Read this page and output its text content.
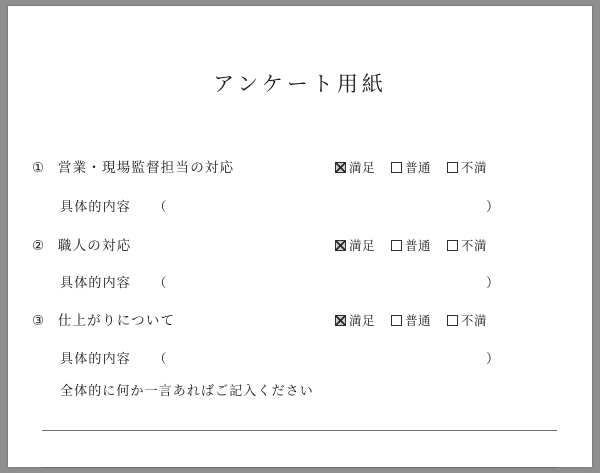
アンケート用紙
① 営業・現場監督担当の対応	満足 普通 不満
具体的内容 （	）
② 職人の対応	満足 普通 不満
具体的内容 （	）
③ 仕上がりについて	満足 普通 不満
具体的内容 （	）
全体的に何か一言あればご記入ください
